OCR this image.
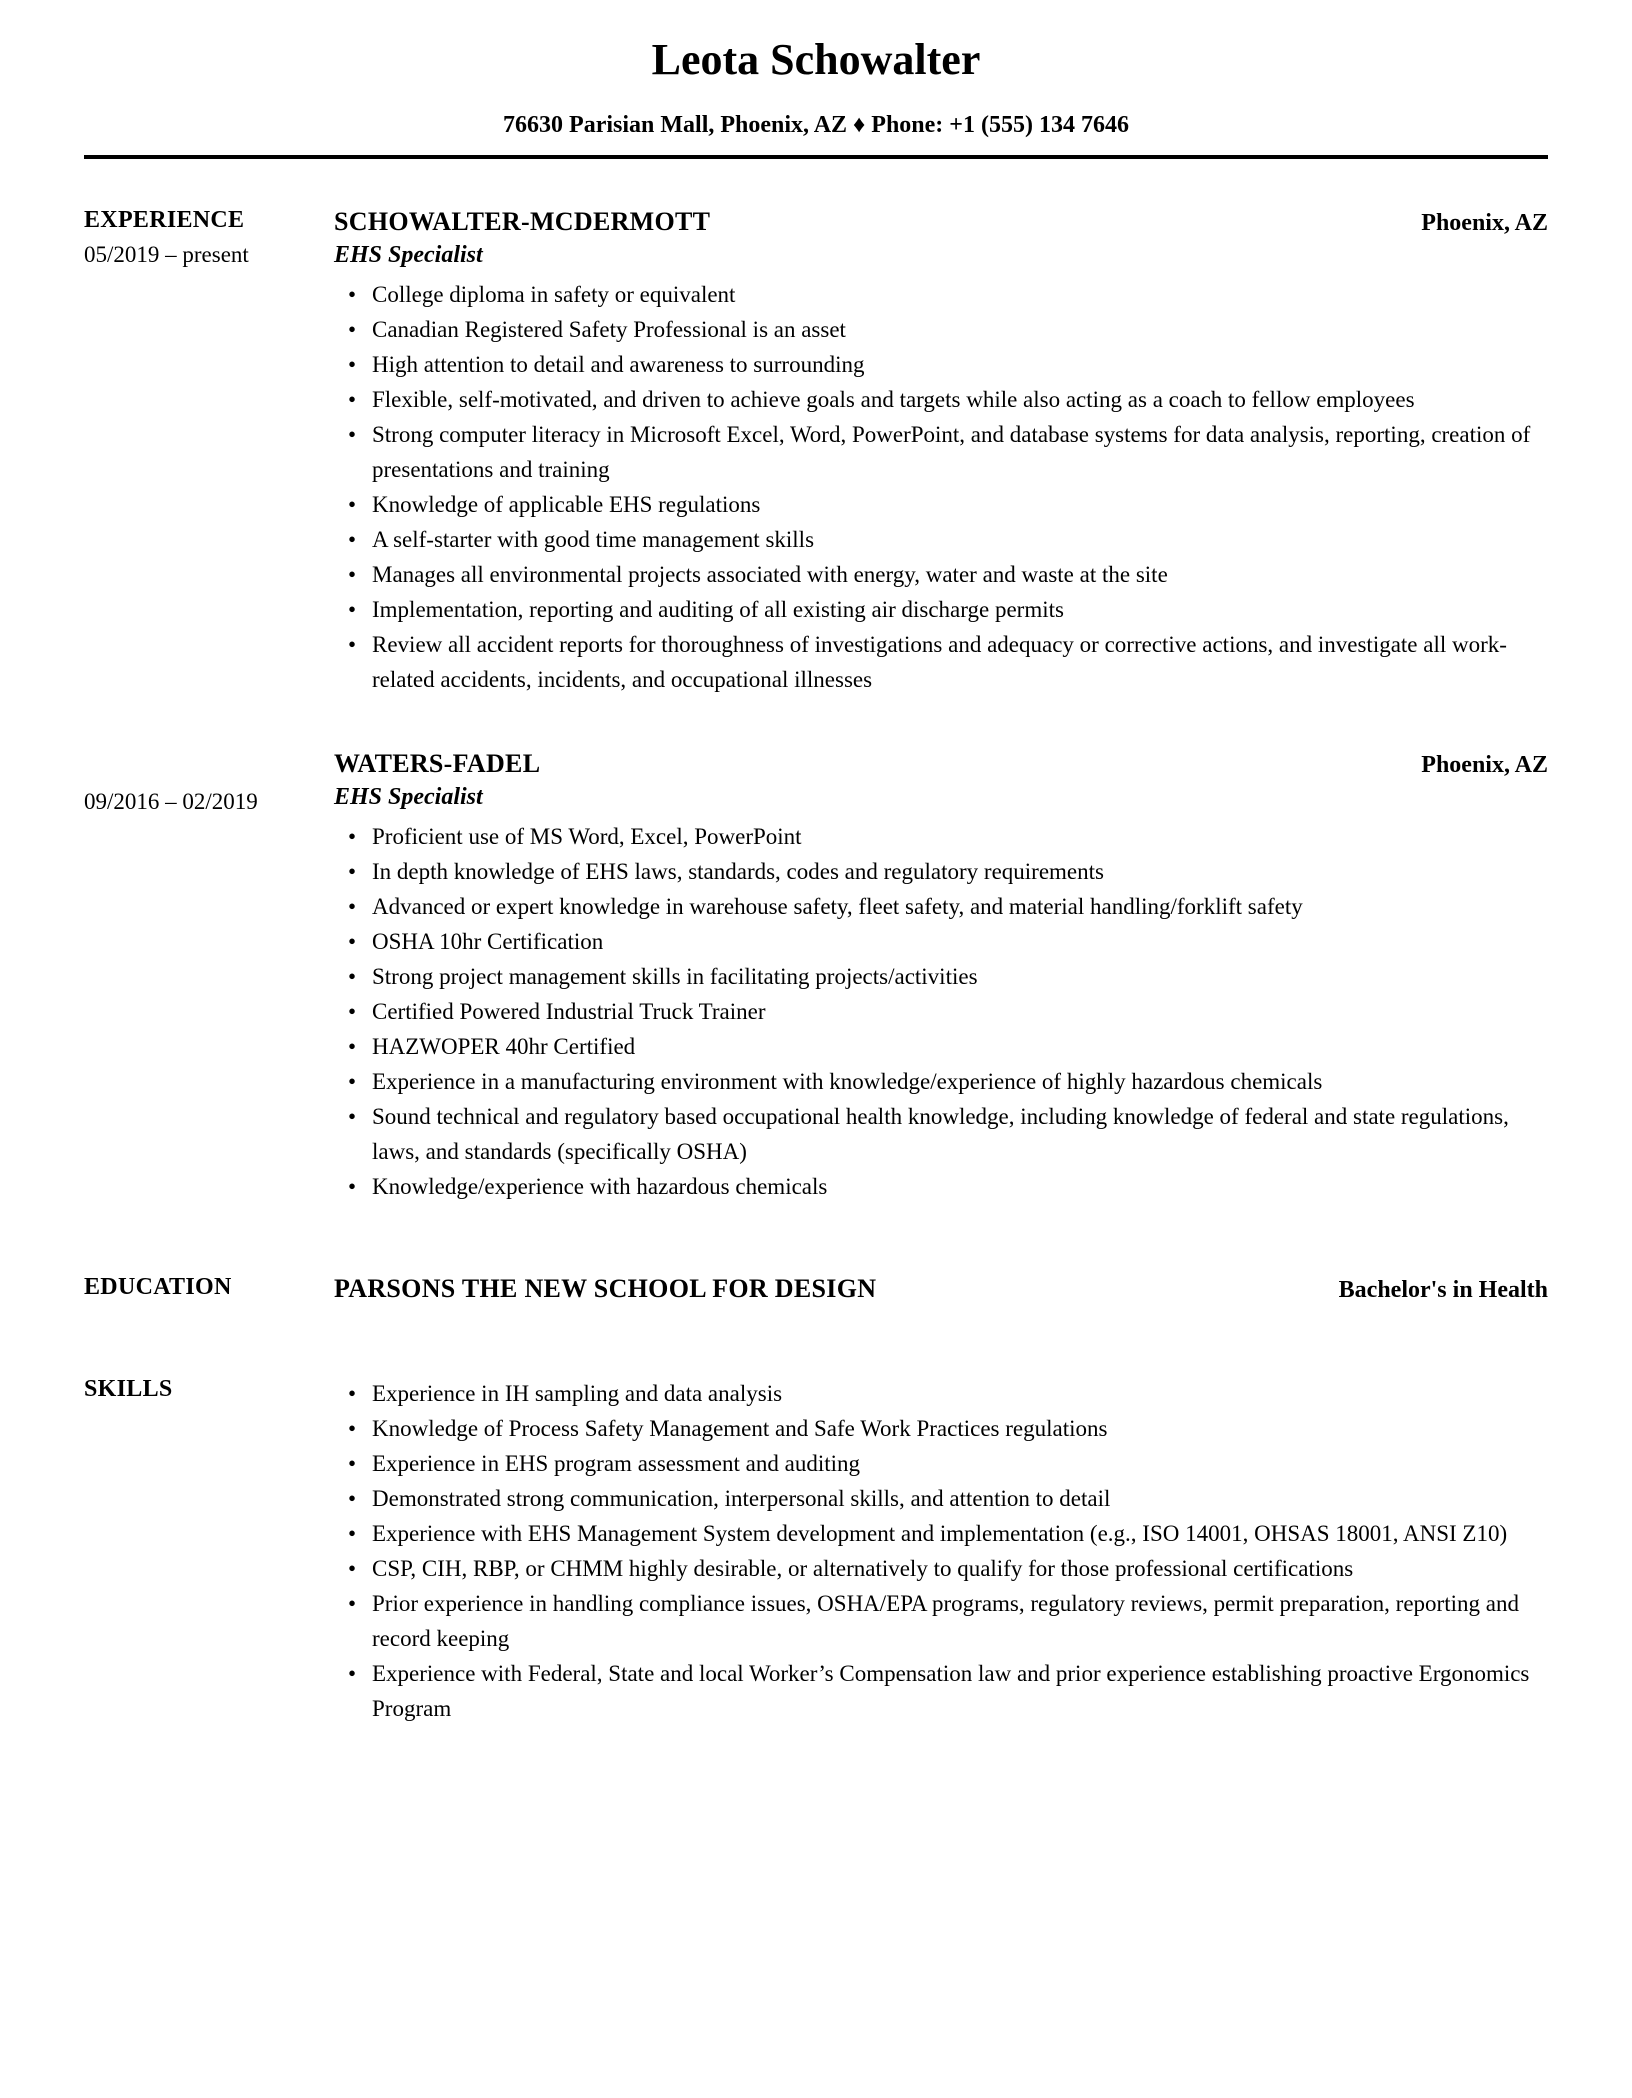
Leota Schowalter
76630 Parisian Mall, Phoenix, AZ ♦ Phone: +1 (555) 134 7646
EXPERIENCE
05/2019 – present
SCHOWALTER-MCDERMOTT	Phoenix, AZ
EHS Specialist
• College diploma in safety or equivalent
• Canadian Registered Safety Professional is an asset
• High attention to detail and awareness to surrounding
• Flexible, self-motivated, and driven to achieve goals and targets while also acting as a coach to fellow employees
• Strong computer literacy in Microsoft Excel, Word, PowerPoint, and database systems for data analysis, reporting, creation of presentations and training
• Knowledge of applicable EHS regulations
• A self-starter with good time management skills
• Manages all environmental projects associated with energy, water and waste at the site
• Implementation, reporting and auditing of all existing air discharge permits
• Review all accident reports for thoroughness of investigations and adequacy or corrective actions, and investigate all work-related accidents, incidents, and occupational illnesses
09/2016 – 02/2019
WATERS-FADEL	Phoenix, AZ
EHS Specialist
• Proficient use of MS Word, Excel, PowerPoint
• In depth knowledge of EHS laws, standards, codes and regulatory requirements
• Advanced or expert knowledge in warehouse safety, fleet safety, and material handling/forklift safety
• OSHA 10hr Certification
• Strong project management skills in facilitating projects/activities
• Certified Powered Industrial Truck Trainer
• HAZWOPER 40hr Certified
• Experience in a manufacturing environment with knowledge/experience of highly hazardous chemicals
• Sound technical and regulatory based occupational health knowledge, including knowledge of federal and state regulations, laws, and standards (specifically OSHA)
• Knowledge/experience with hazardous chemicals
EDUCATION	PARSONS THE NEW SCHOOL FOR DESIGN	Bachelor's in Health
SKILLS	• Experience in IH sampling and data analysis
• Knowledge of Process Safety Management and Safe Work Practices regulations
• Experience in EHS program assessment and auditing
• Demonstrated strong communication, interpersonal skills, and attention to detail
• Experience with EHS Management System development and implementation (e.g., ISO 14001, OHSAS 18001, ANSI Z10)
• CSP, CIH, RBP, or CHMM highly desirable, or alternatively to qualify for those professional certifications
• Prior experience in handling compliance issues, OSHA/EPA programs, regulatory reviews, permit preparation, reporting and record keeping
• Experience with Federal, State and local Worker’s Compensation law and prior experience establishing proactive Ergonomics Program
